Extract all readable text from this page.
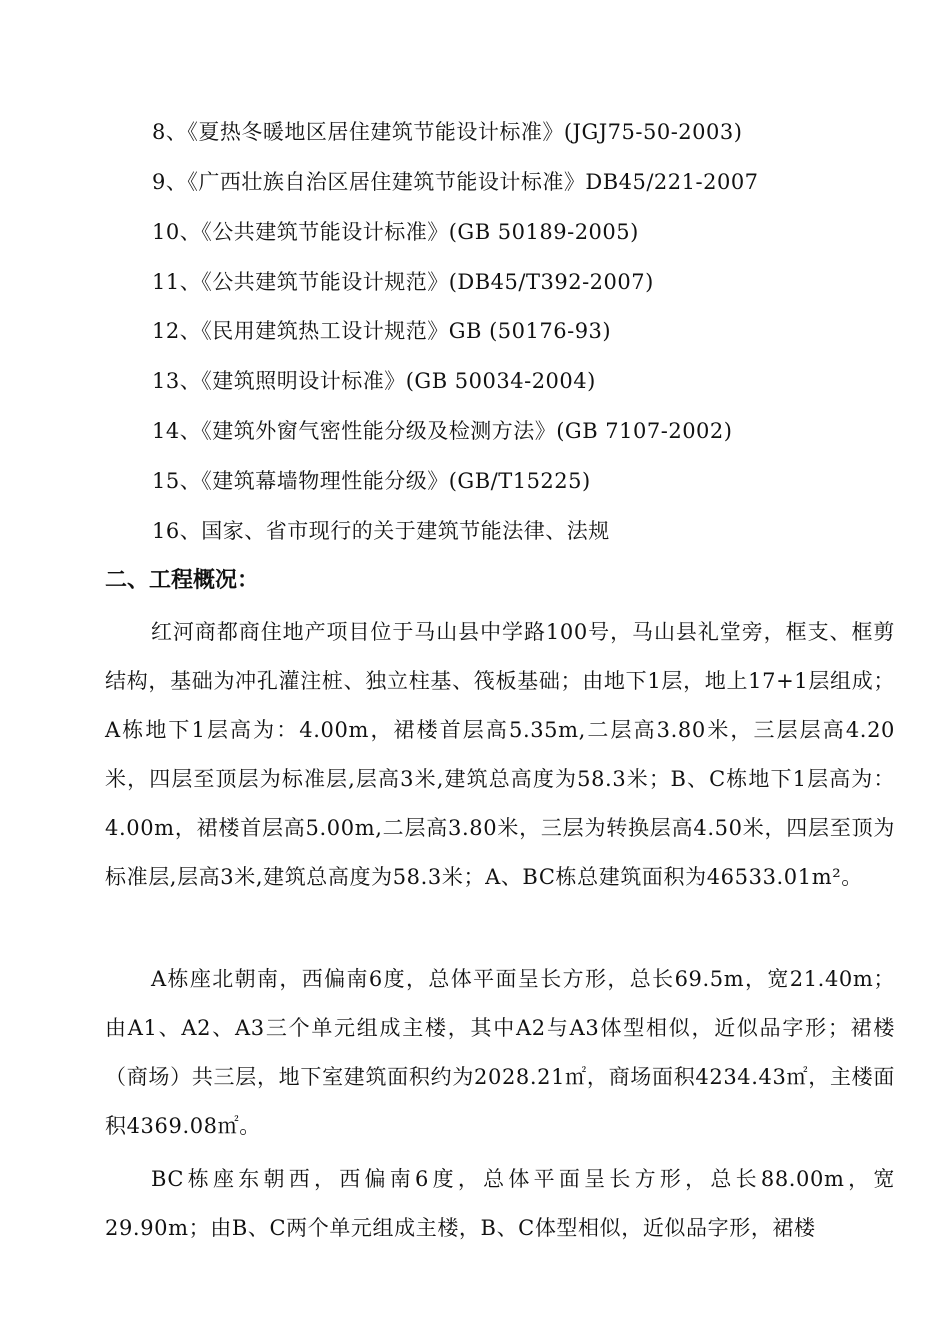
8、《夏热冬暖地区居住建筑节能设计标准》(JGJ75-50-2003)
9、《广西壮族自治区居住建筑节能设计标准》DB45/221-2007
10、《公共建筑节能设计标准》(GB 50189-2005)
11、《公共建筑节能设计规范》(DB45/T392-2007)
12、《民用建筑热工设计规范》GB (50176-93)
13、《建筑照明设计标准》(GB 50034-2004)
14、《建筑外窗气密性能分级及检测方法》(GB 7107-2002)
15、《建筑幕墙物理性能分级》(GB/T15225)
16、国家、省市现行的关于建筑节能法律、法规
二、工程概况：
红河商都商住地产项目位于马山县中学路100号，马山县礼堂旁，框支、框剪结构，基础为冲孔灌注桩、独立柱基、筏板基础；由地下1层，地上17+1层组成；A栋地下1层高为：4.00m，裙楼首层高5.35m,二层高3.80米，三层层高4.20米，四层至顶层为标准层,层高3米,建筑总高度为58.3米；B、C栋地下1层高为：4.00m，裙楼首层高5.00m,二层高3.80米，三层为转换层高4.50米，四层至顶为标准层,层高3米,建筑总高度为58.3米；A、BC栋总建筑面积为46533.01m²。
A栋座北朝南，西偏南6度，总体平面呈长方形，总长69.5m，宽21.40m；由A1、A2、A3三个单元组成主楼，其中A2与A3体型相似，近似品字形；裙楼（商场）共三层，地下室建筑面积约为2028.21㎡，商场面积4234.43㎡，主楼面积4369.08㎡。
BC栋座东朝西，西偏南6度，总体平面呈长方形，总长88.00m，宽29.90m；由B、C两个单元组成主楼，B、C体型相似，近似品字形，裙楼
